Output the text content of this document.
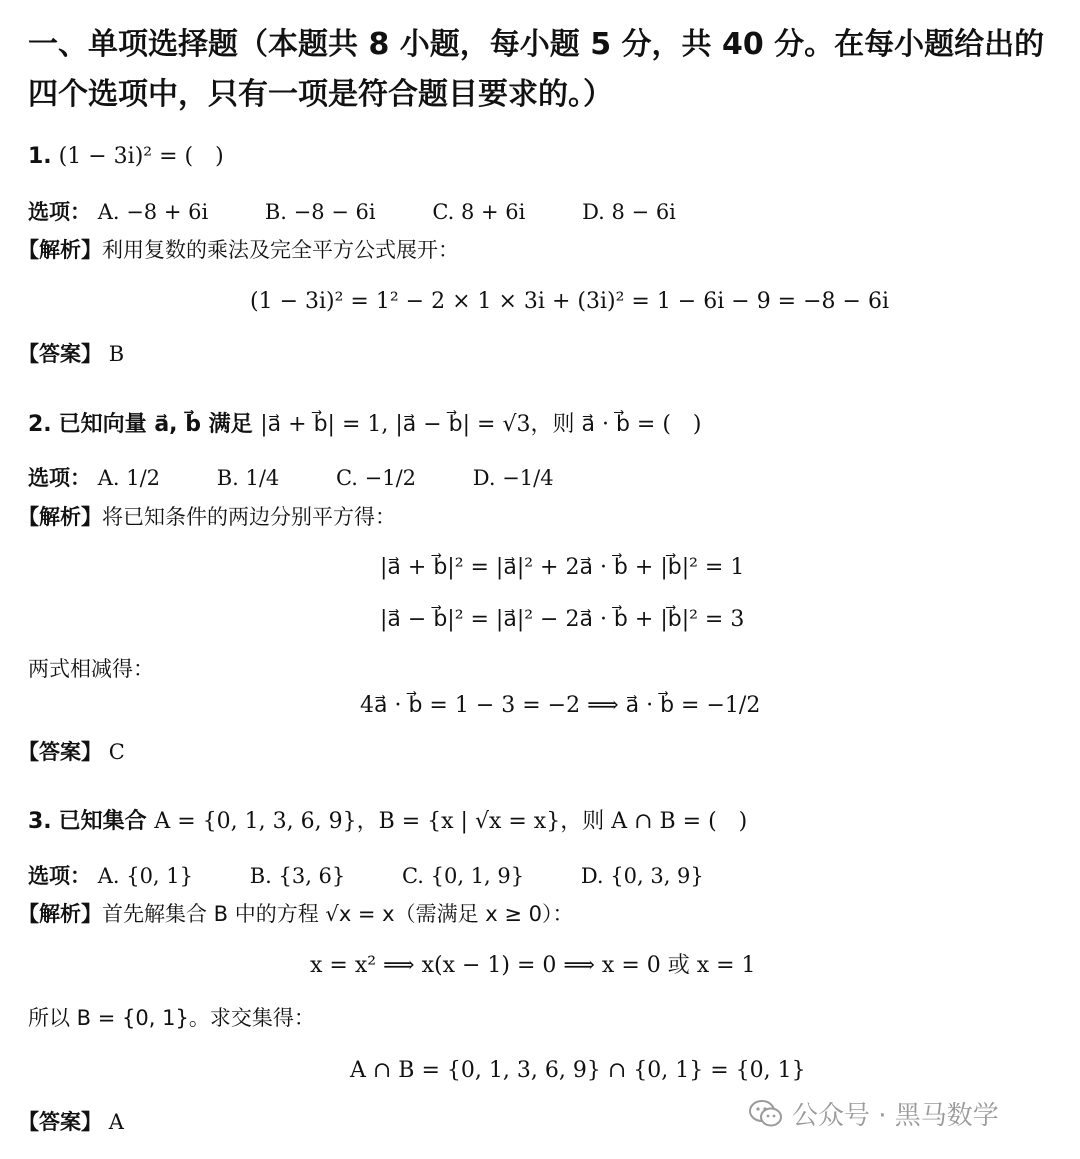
一、单项选择题（本题共 8 小题，每小题 5 分，共 40 分。在每小题给出的四个选项中，只有一项是符合题目要求的。）
1. (1 − 3i)² = (　)
选项： A. −8 + 6i	B. −8 − 6i	C. 8 + 6i	D. 8 − 6i
【解析】利用复数的乘法及完全平方公式展开：
(1 − 3i)² = 1² − 2 × 1 × 3i + (3i)² = 1 − 6i − 9 = −8 − 6i
【答案】 B
2. 已知向量 a⃗, b⃗ 满足 |a⃗ + b⃗| = 1, |a⃗ − b⃗| = √3，则 a⃗ · b⃗ = (　)
选项： A. 1/2	B. 1/4	C. −1/2	D. −1/4
【解析】将已知条件的两边分别平方得：
|a⃗ + b⃗|² = |a⃗|² + 2a⃗ · b⃗ + |b⃗|² = 1
|a⃗ − b⃗|² = |a⃗|² − 2a⃗ · b⃗ + |b⃗|² = 3
两式相减得：
4a⃗ · b⃗ = 1 − 3 = −2 ⟹ a⃗ · b⃗ = −1/2
【答案】 C
3. 已知集合 A = {0, 1, 3, 6, 9}，B = {x | √x = x}，则 A ∩ B = (　)
选项： A. {0, 1}	B. {3, 6}	C. {0, 1, 9}	D. {0, 3, 9}
【解析】首先解集合 B 中的方程 √x = x（需满足 x ≥ 0）：
x = x² ⟹ x(x − 1) = 0 ⟹ x = 0 或 x = 1
所以 B = {0, 1}。求交集得：
A ∩ B = {0, 1, 3, 6, 9} ∩ {0, 1} = {0, 1}
【答案】 A	公众号 · 黑马数学
